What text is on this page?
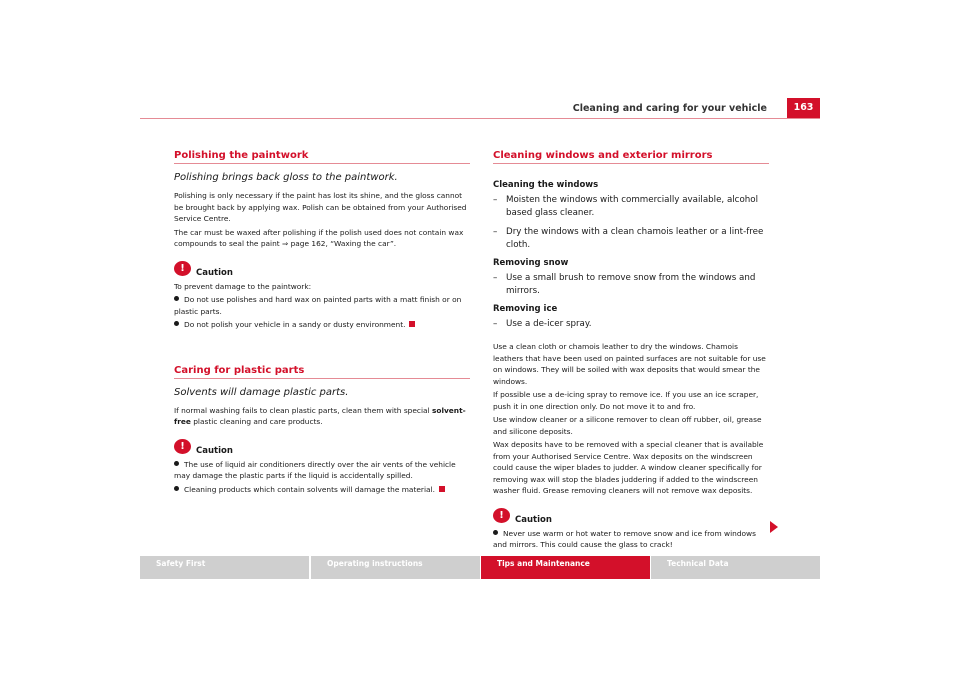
Cleaning and caring for your vehicle	163
Polishing the paintwork
Polishing brings back gloss to the paintwork.

Polishing is only necessary if the paint has lost its shine, and the gloss cannot be brought back by applying wax. Polish can be obtained from your Authorised Service Centre.

The car must be waxed after polishing if the polish used does not contain wax compounds to seal the paint ⇒ page 162, “Waxing the car”.

!	Caution

To prevent damage to the paintwork:

Do not use polishes and hard wax on painted parts with a matt finish or on plastic parts.
Do not polish your vehicle in a sandy or dusty environment.
Caring for plastic parts
Solvents will damage plastic parts.

If normal washing fails to clean plastic parts, clean them with special solvent-free plastic cleaning and care products.

!	Caution
The use of liquid air conditioners directly over the air vents of the vehicle may damage the plastic parts if the liquid is accidentally spilled.
Cleaning products which contain solvents will damage the material.
Cleaning windows and exterior mirrors
Cleaning the windows
– Moisten the windows with commercially available, alcohol based glass cleaner.
– Dry the windows with a clean chamois leather or a lint-free cloth.
Removing snow
– Use a small brush to remove snow from the windows and mirrors.
Removing ice
– Use a de-icer spray.

Use a clean cloth or chamois leather to dry the windows. Chamois leathers that have been used on painted surfaces are not suitable for use on windows. They will be soiled with wax deposits that would smear the windows.

If possible use a de-icing spray to remove ice. If you use an ice scraper, push it in one direction only. Do not move it to and fro.

Use window cleaner or a silicone remover to clean off rubber, oil, grease and silicone deposits.

Wax deposits have to be removed with a special cleaner that is available from your Authorised Service Centre. Wax deposits on the windscreen could cause the wiper blades to judder. A window cleaner specifically for removing wax will stop the blades juddering if added to the windscreen washer fluid. Grease removing cleaners will not remove wax deposits.

!	Caution
Never use warm or hot water to remove snow and ice from windows and mirrors. This could cause the glass to crack!
Safety First	Operating instructions	Tips and Maintenance	Technical Data
